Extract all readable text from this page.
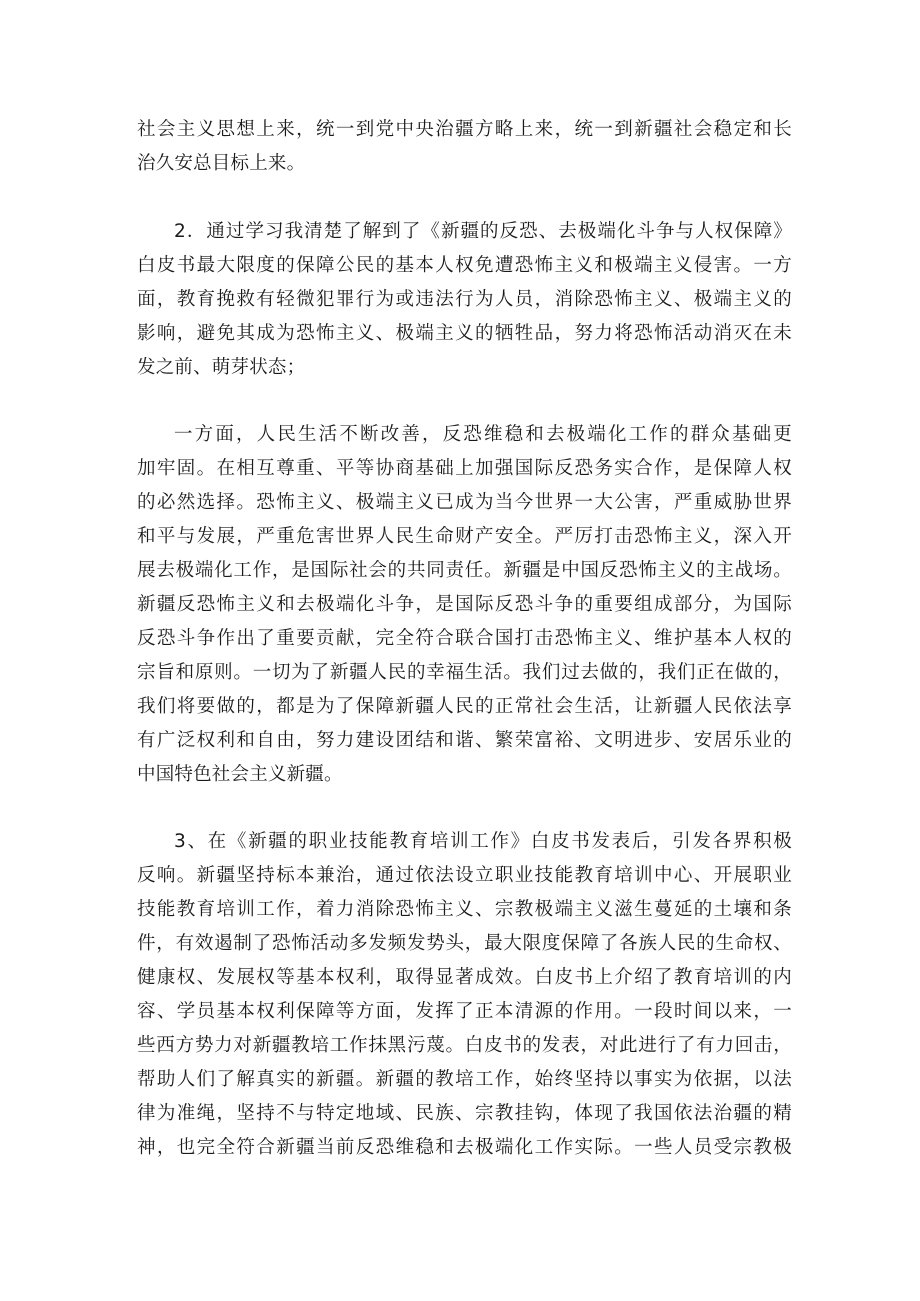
社会主义思想上来，统一到党中央治疆方略上来，统一到新疆社会稳定和长
治久安总目标上来。
2．通过学习我清楚了解到了《新疆的反恐、去极端化斗争与人权保障》
白皮书最大限度的保障公民的基本人权免遭恐怖主义和极端主义侵害。一方
面，教育挽救有轻微犯罪行为或违法行为人员，消除恐怖主义、极端主义的
影响，避免其成为恐怖主义、极端主义的牺牲品，努力将恐怖活动消灭在未
发之前、萌芽状态；
一方面，人民生活不断改善，反恐维稳和去极端化工作的群众基础更
加牢固。在相互尊重、平等协商基础上加强国际反恐务实合作，是保障人权
的必然选择。恐怖主义、极端主义已成为当今世界一大公害，严重威胁世界
和平与发展，严重危害世界人民生命财产安全。严厉打击恐怖主义，深入开
展去极端化工作，是国际社会的共同责任。新疆是中国反恐怖主义的主战场。
新疆反恐怖主义和去极端化斗争，是国际反恐斗争的重要组成部分，为国际
反恐斗争作出了重要贡献，完全符合联合国打击恐怖主义、维护基本人权的
宗旨和原则。一切为了新疆人民的幸福生活。我们过去做的，我们正在做的，
我们将要做的，都是为了保障新疆人民的正常社会生活，让新疆人民依法享
有广泛权利和自由，努力建设团结和谐、繁荣富裕、文明进步、安居乐业的
中国特色社会主义新疆。
3、在《新疆的职业技能教育培训工作》白皮书发表后，引发各界积极
反响。新疆坚持标本兼治，通过依法设立职业技能教育培训中心、开展职业
技能教育培训工作，着力消除恐怖主义、宗教极端主义滋生蔓延的土壤和条
件，有效遏制了恐怖活动多发频发势头，最大限度保障了各族人民的生命权、
健康权、发展权等基本权利，取得显著成效。白皮书上介绍了教育培训的内
容、学员基本权利保障等方面，发挥了正本清源的作用。一段时间以来，一
些西方势力对新疆教培工作抹黑污蔑。白皮书的发表，对此进行了有力回击，
帮助人们了解真实的新疆。新疆的教培工作，始终坚持以事实为依据，以法
律为准绳，坚持不与特定地域、民族、宗教挂钩，体现了我国依法治疆的精
神，也完全符合新疆当前反恐维稳和去极端化工作实际。一些人员受宗教极
